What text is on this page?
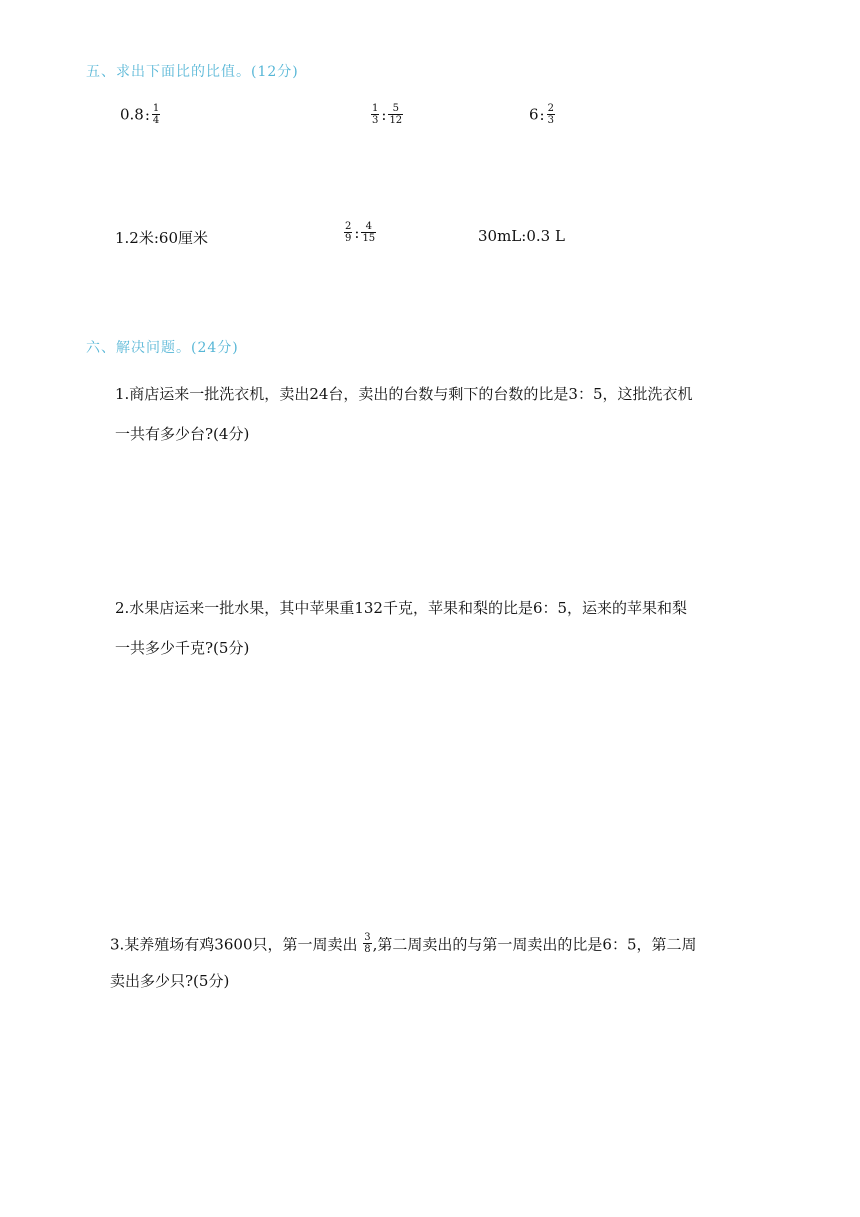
五、求出下面比的比值。(12分)
0.8: $\frac{1}{4}$	$\frac{1}{3}$ : $\frac{5}{12}$	6: $\frac{2}{3}$
1.2米:60厘米	$\frac{2}{9}$ : $\frac{4}{15}$	30mL:0.3 L
六、解决问题。(24分)
1.商店运来一批洗衣机，卖出24台，卖出的台数与剩下的台数的比是3：5，这批洗衣机
一共有多少台?(4分)
2.水果店运来一批水果，其中苹果重132千克，苹果和梨的比是6：5，运来的苹果和梨
一共多少千克?(5分)
3.某养殖场有鸡3600只，第一周卖出 $\frac{3}{8}$ ,第二周卖出的与第一周卖出的比是6：5，第二周
卖出多少只?(5分)
